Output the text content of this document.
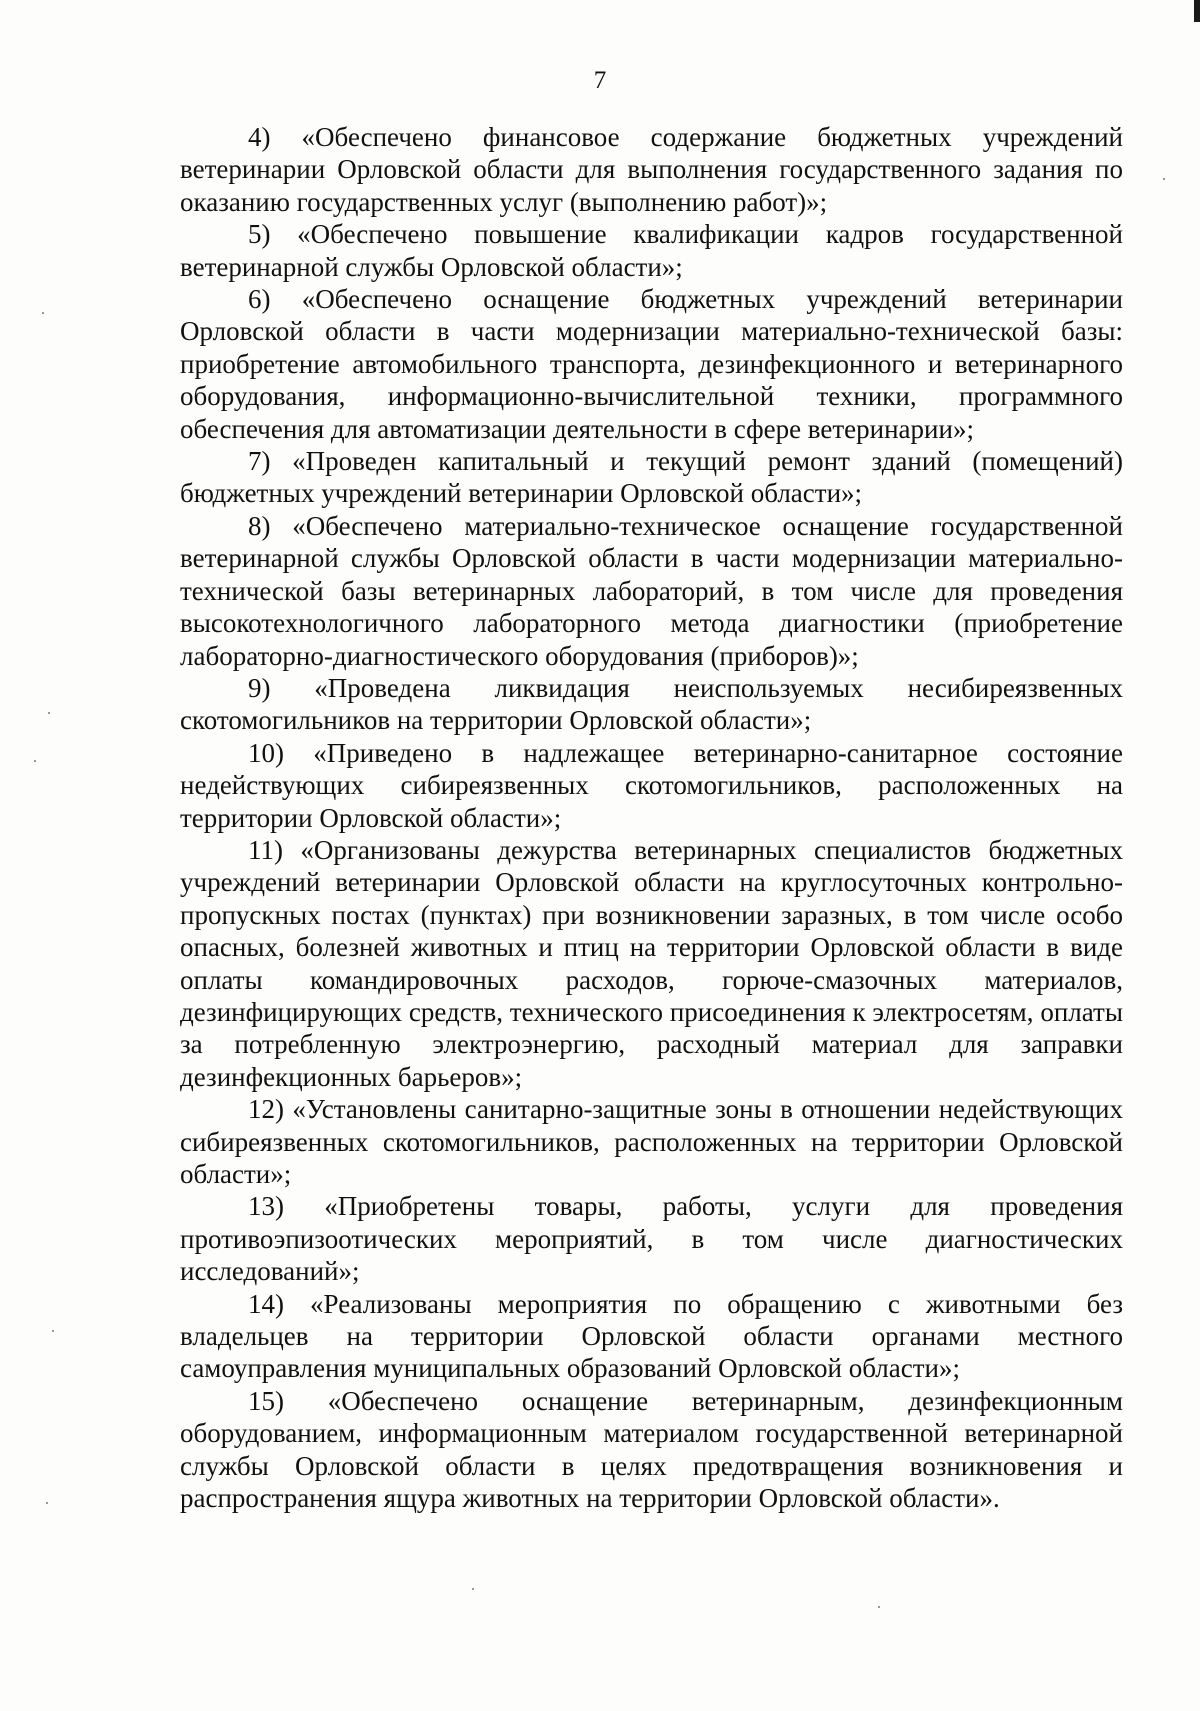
7

4) «Обеспечено финансовое содержание бюджетных учреждений ветеринарии Орловской области для выполнения государственного задания по оказанию государственных услуг (выполнению работ)»;

5) «Обеспечено повышение квалификации кадров государственной ветеринарной службы Орловской области»;

6) «Обеспечено оснащение бюджетных учреждений ветеринарии Орловской области в части модернизации материально-технической базы: приобретение автомобильного транспорта, дезинфекционного и ветеринарного оборудования, информационно-вычислительной техники, программного обеспечения для автоматизации деятельности в сфере ветеринарии»;

7) «Проведен капитальный и текущий ремонт зданий (помещений) бюджетных учреждений ветеринарии Орловской области»;

8) «Обеспечено материально-техническое оснащение государственной ветеринарной службы Орловской области в части модернизации материально-технической базы ветеринарных лабораторий, в том числе для проведения высокотехнологичного лабораторного метода диагностики (приобретение лабораторно-диагностического оборудования (приборов)»;

9) «Проведена ликвидация неиспользуемых несибиреязвенных скотомогильников на территории Орловской области»;

10) «Приведено в надлежащее ветеринарно-санитарное состояние недействующих сибиреязвенных скотомогильников, расположенных на территории Орловской области»;

11) «Организованы дежурства ветеринарных специалистов бюджетных учреждений ветеринарии Орловской области на круглосуточных контрольно-пропускных постах (пунктах) при возникновении заразных, в том числе особо опасных, болезней животных и птиц на территории Орловской области в виде оплаты командировочных расходов, горюче-смазочных материалов, дезинфицирующих средств, технического присоединения к электросетям, оплаты за потребленную электроэнергию, расходный материал для заправки дезинфекционных барьеров»;

12) «Установлены санитарно-защитные зоны в отношении недействующих сибиреязвенных скотомогильников, расположенных на территории Орловской области»;

13) «Приобретены товары, работы, услуги для проведения противоэпизоотических мероприятий, в том числе диагностических исследований»;

14) «Реализованы мероприятия по обращению с животными без владельцев на территории Орловской области органами местного самоуправления муниципальных образований Орловской области»;

15) «Обеспечено оснащение ветеринарным, дезинфекционным оборудованием, информационным материалом государственной ветеринарной службы Орловской области в целях предотвращения возникновения и распространения ящура животных на территории Орловской области».
